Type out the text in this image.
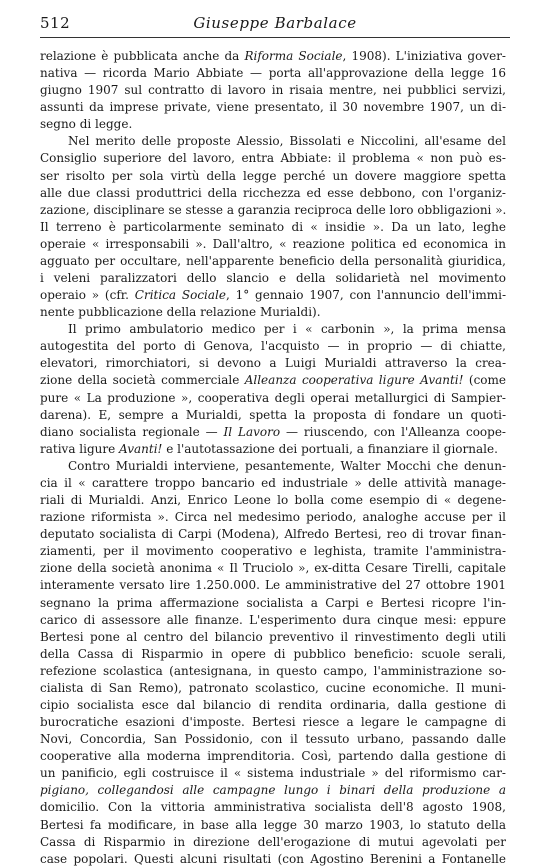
512	Giuseppe Barbalace
relazione è pubblicata anche da Riforma Sociale, 1908). L'iniziativa gover-
nativa — ricorda Mario Abbiate — porta all'approvazione della legge 16
giugno 1907 sul contratto di lavoro in risaia mentre, nei pubblici servizi,
assunti da imprese private, viene presentato, il 30 novembre 1907, un di-
segno di legge.
Nel merito delle proposte Alessio, Bissolati e Niccolini, all'esame del
Consiglio superiore del lavoro, entra Abbiate: il problema « non può es-
ser risolto per sola virtù della legge perché un dovere maggiore spetta
alle due classi produttrici della ricchezza ed esse debbono, con l'organiz-
zazione, disciplinare se stesse a garanzia reciproca delle loro obbligazioni ».
Il terreno è particolarmente seminato di « insidie ». Da un lato, leghe
operaie « irresponsabili ». Dall'altro, « reazione politica ed economica in
agguato per occultare, nell'apparente beneficio della personalità giuridica,
i veleni paralizzatori dello slancio e della solidarietà nel movimento
operaio » (cfr. Critica Sociale, 1° gennaio 1907, con l'annuncio dell'immi-
nente pubblicazione della relazione Murialdi).
Il primo ambulatorio medico per i « carbonin », la prima mensa
autogestita del porto di Genova, l'acquisto — in proprio — di chiatte,
elevatori, rimorchiatori, si devono a Luigi Murialdi attraverso la crea-
zione della società commerciale Alleanza cooperativa ligure Avanti! (come
pure « La produzione », cooperativa degli operai metallurgici di Sampier-
darena). E, sempre a Murialdi, spetta la proposta di fondare un quoti-
diano socialista regionale — Il Lavoro — riuscendo, con l'Alleanza coope-
rativa ligure Avanti! e l'autotassazione dei portuali, a finanziare il giornale.
Contro Murialdi interviene, pesantemente, Walter Mocchi che denun-
cia il « carattere troppo bancario ed industriale » delle attività manage-
riali di Murialdi. Anzi, Enrico Leone lo bolla come esempio di « degene-
razione riformista ». Circa nel medesimo periodo, analoghe accuse per il
deputato socialista di Carpi (Modena), Alfredo Bertesi, reo di trovar finan-
ziamenti, per il movimento cooperativo e leghista, tramite l'amministra-
zione della società anonima « Il Truciolo », ex-ditta Cesare Tirelli, capitale
interamente versato lire 1.250.000. Le amministrative del 27 ottobre 1901
segnano la prima affermazione socialista a Carpi e Bertesi ricopre l'in-
carico di assessore alle finanze. L'esperimento dura cinque mesi: eppure
Bertesi pone al centro del bilancio preventivo il rinvestimento degli utili
della Cassa di Risparmio in opere di pubblico beneficio: scuole serali,
refezione scolastica (antesignana, in questo campo, l'amministrazione so-
cialista di San Remo), patronato scolastico, cucine economiche. Il muni-
cipio socialista esce dal bilancio di rendita ordinaria, dalla gestione di
burocratiche esazioni d'imposte. Bertesi riesce a legare le campagne di
Novi, Concordia, San Possidonio, con il tessuto urbano, passando dalle
cooperative alla moderna imprenditoria. Così, partendo dalla gestione di
un panificio, egli costruisce il « sistema industriale » del riformismo car-
pigiano, collegandosi alle campagne lungo i binari della produzione a
domicilio. Con la vittoria amministrativa socialista dell'8 agosto 1908,
Bertesi fa modificare, in base alla legge 30 marzo 1903, lo statuto della
Cassa di Risparmio in direzione dell'erogazione di mutui agevolati per
case popolari. Questi alcuni risultati (con Agostino Berenini a Fontanelle
